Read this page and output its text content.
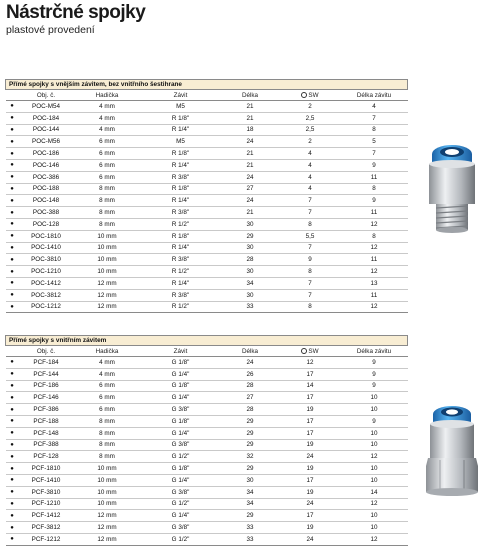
Nástrčné spojky
plastové provedení
Přímé spojky s vnějším závitem, bez vnitřního šestihrane						
	Obj. č.	Hadička	Závit	Délka	SW	Délka závitu
●	POC-M54	4 mm	M5	21	2	4
●	POC-184	4 mm	R 1/8"	21	2,5	7
●	POC-144	4 mm	R 1/4"	18	2,5	8
●	POC-M56	6 mm	M5	24	2	5
●	POC-186	6 mm	R 1/8"	21	4	7
●	POC-146	6 mm	R 1/4"	21	4	9
●	POC-386	6 mm	R 3/8"	24	4	11
●	POC-188	8 mm	R 1/8"	27	4	8
●	POC-148	8 mm	R 1/4"	24	7	9
●	POC-388	8 mm	R 3/8"	21	7	11
●	POC-128	8 mm	R 1/2"	30	8	12
●	POC-1810	10 mm	R 1/8"	29	5,5	8
●	POC-1410	10 mm	R 1/4"	30	7	12
●	POC-3810	10 mm	R 3/8"	28	9	11
●	POC-1210	10 mm	R 1/2"	30	8	12
●	POC-1412	12 mm	R 1/4"	34	7	13
●	POC-3812	12 mm	R 3/8"	30	7	11
●	POC-1212	12 mm	R 1/2"	33	8	12
Přímé spojky s vnitřním závitem						
	Obj. č.	Hadička	Závit	Délka	SW	Délka závitu
●	PCF-184	4 mm	G 1/8"	24	12	9
●	PCF-144	4 mm	G 1/4"	26	17	9
●	PCF-186	6 mm	G 1/8"	28	14	9
●	PCF-146	6 mm	G 1/4"	27	17	10
●	PCF-386	6 mm	G 3/8"	28	19	10
●	PCF-188	8 mm	G 1/8"	29	17	9
●	PCF-148	8 mm	G 1/4"	29	17	10
●	PCF-388	8 mm	G 3/8"	29	19	10
●	PCF-128	8 mm	G 1/2"	32	24	12
●	PCF-1810	10 mm	G 1/8"	29	19	10
●	PCF-1410	10 mm	G 1/4"	30	17	10
●	PCF-3810	10 mm	G 3/8"	34	19	14
●	PCF-1210	10 mm	G 1/2"	34	24	12
●	PCF-1412	12 mm	G 1/4"	29	17	10
●	PCF-3812	12 mm	G 3/8"	33	19	10
●	PCF-1212	12 mm	G 1/2"	33	24	12
